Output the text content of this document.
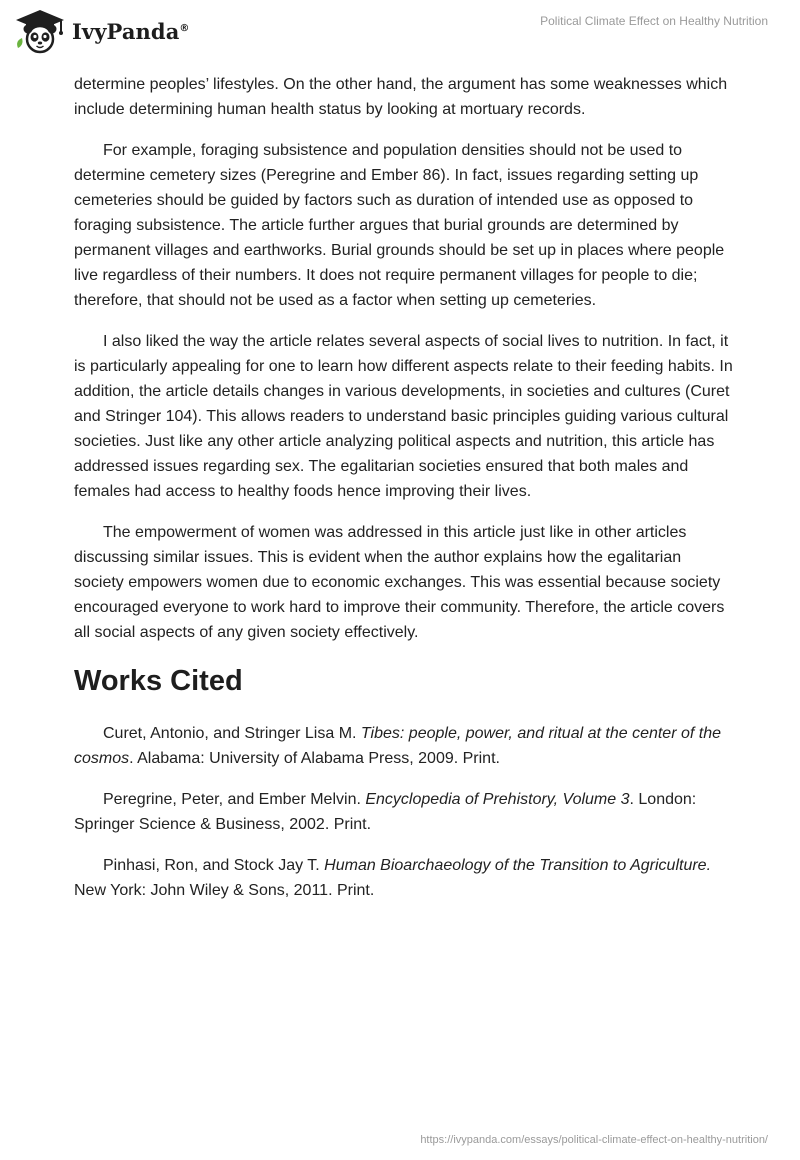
IvyPanda®	Political Climate Effect on Healthy Nutrition

determine peoples’ lifestyles. On the other hand, the argument has some weaknesses which include determining human health status by looking at mortuary records.

For example, foraging subsistence and population densities should not be used to determine cemetery sizes (Peregrine and Ember 86). In fact, issues regarding setting up cemeteries should be guided by factors such as duration of intended use as opposed to foraging subsistence. The article further argues that burial grounds are determined by permanent villages and earthworks. Burial grounds should be set up in places where people live regardless of their numbers. It does not require permanent villages for people to die; therefore, that should not be used as a factor when setting up cemeteries.

I also liked the way the article relates several aspects of social lives to nutrition. In fact, it is particularly appealing for one to learn how different aspects relate to their feeding habits. In addition, the article details changes in various developments, in societies and cultures (Curet and Stringer 104). This allows readers to understand basic principles guiding various cultural societies. Just like any other article analyzing political aspects and nutrition, this article has addressed issues regarding sex. The egalitarian societies ensured that both males and females had access to healthy foods hence improving their lives.

The empowerment of women was addressed in this article just like in other articles discussing similar issues. This is evident when the author explains how the egalitarian society empowers women due to economic exchanges. This was essential because society encouraged everyone to work hard to improve their community. Therefore, the article covers all social aspects of any given society effectively.

Works Cited

Curet, Antonio, and Stringer Lisa M. Tibes: people, power, and ritual at the center of the cosmos. Alabama: University of Alabama Press, 2009. Print.

Peregrine, Peter, and Ember Melvin. Encyclopedia of Prehistory, Volume 3. London: Springer Science & Business, 2002. Print.

Pinhasi, Ron, and Stock Jay T. Human Bioarchaeology of the Transition to Agriculture. New York: John Wiley & Sons, 2011. Print.

https://ivypanda.com/essays/political-climate-effect-on-healthy-nutrition/
